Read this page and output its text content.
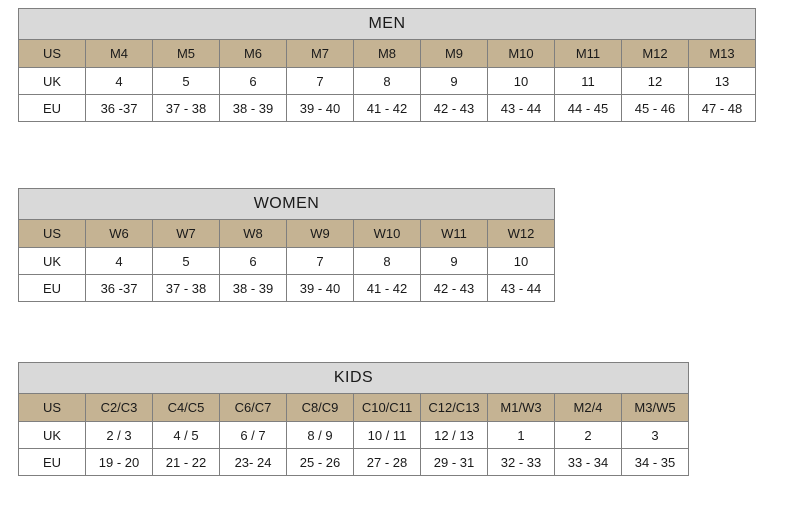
MEN										
US	M4	M5	M6	M7	M8	M9	M10	M11	M12	M13
UK	4	5	6	7	8	9	10	11	12	13
EU	36 -37	37 - 38	38 - 39	39 - 40	41 - 42	42 - 43	43 - 44	44 - 45	45 - 46	47 - 48
WOMEN							
US	W6	W7	W8	W9	W10	W11	W12
UK	4	5	6	7	8	9	10
EU	36 -37	37 - 38	38 - 39	39 - 40	41 - 42	42 - 43	43 - 44
KIDS									
US	C2/C3	C4/C5	C6/C7	C8/C9	C10/C11	C12/C13	M1/W3	M2/4	M3/W5
UK	2 / 3	4 / 5	6 / 7	8 / 9	10 / 11	12 / 13	1	2	3
EU	19 - 20	21 - 22	23- 24	25 - 26	27 - 28	29 - 31	32 - 33	33 - 34	34 - 35
